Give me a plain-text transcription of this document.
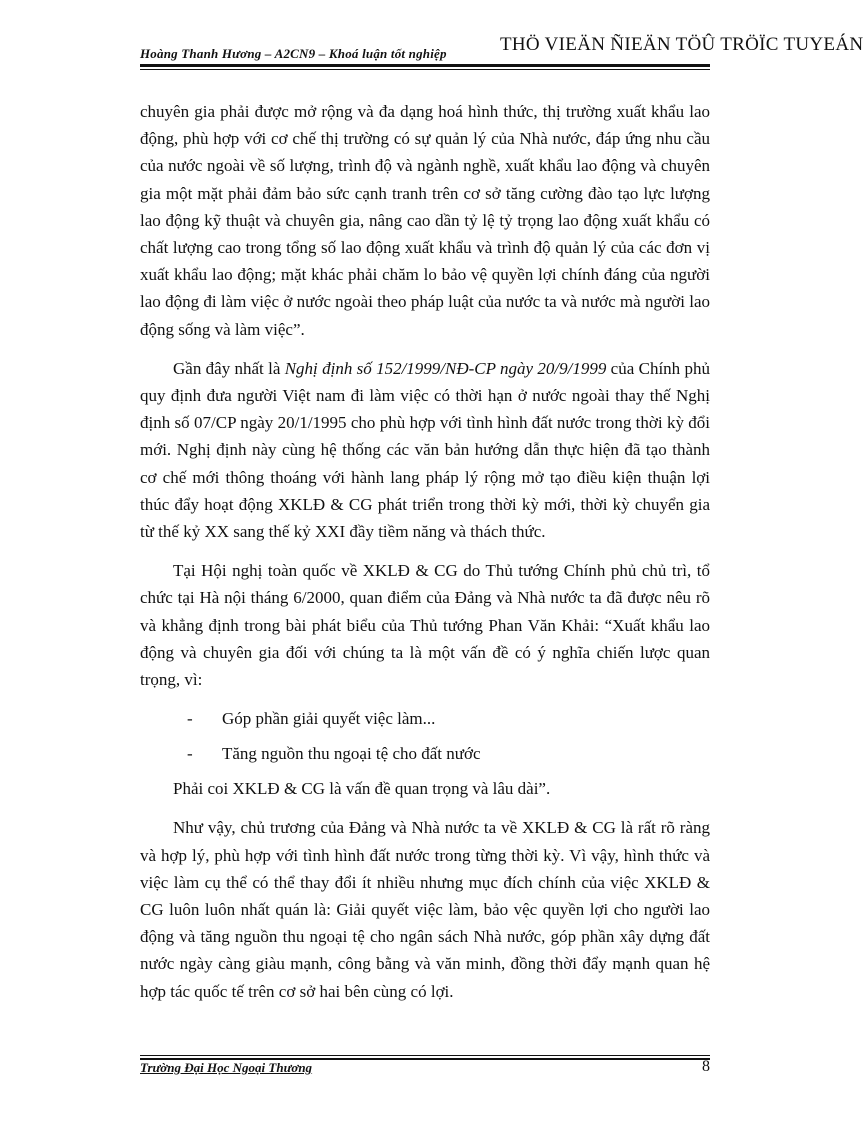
Hoàng Thanh Hương – A2CN9 – Khoá luận tốt nghiệp	THÖ VIEÄN ÑIEÄN TÖÛ TRÖÏC TUYEÁN

chuyên gia phải được mở rộng và đa dạng hoá hình thức, thị trường xuất khẩu lao động, phù hợp với cơ chế thị trường có sự quản lý của Nhà nước, đáp ứng nhu cầu của nước ngoài về số lượng, trình độ và ngành nghề, xuất khẩu lao động và chuyên gia một mặt phải đảm bảo sức cạnh tranh trên cơ sở tăng cường đào tạo lực lượng lao động kỹ thuật và chuyên gia, nâng cao dần tỷ lệ tỷ trọng lao động xuất khẩu có chất lượng cao trong tổng số lao động xuất khẩu và trình độ quản lý của các đơn vị xuất khẩu lao động; mặt khác phải chăm lo bảo vệ quyền lợi chính đáng của người lao động đi làm việc ở nước ngoài theo pháp luật của nước ta và nước mà người lao động sống và làm việc”.

Gần đây nhất là Nghị định số 152/1999/NĐ-CP ngày 20/9/1999 của Chính phủ quy định đưa người Việt nam đi làm việc có thời hạn ở nước ngoài thay thế Nghị định số 07/CP ngày 20/1/1995 cho phù hợp với tình hình đất nước trong thời kỳ đổi mới. Nghị định này cùng hệ thống các văn bản hướng dẫn thực hiện đã tạo thành cơ chế mới thông thoáng với hành lang pháp lý rộng mở tạo điều kiện thuận lợi thúc đẩy hoạt động XKLĐ & CG phát triển trong thời kỳ mới, thời kỳ chuyển gia từ thế kỷ XX sang thế kỷ XXI đầy tiềm năng và thách thức.

Tại Hội nghị toàn quốc về XKLĐ & CG do Thủ tướng Chính phủ chủ trì, tổ chức tại Hà nội tháng 6/2000, quan điểm của Đảng và Nhà nước ta đã được nêu rõ và khẳng định trong bài phát biểu của Thủ tướng Phan Văn Khải: “Xuất khẩu lao động và chuyên gia đối với chúng ta là một vấn đề có ý nghĩa chiến lược quan trọng, vì:

- Góp phần giải quyết việc làm...
- Tăng nguồn thu ngoại tệ cho đất nước

Phải coi XKLĐ & CG là vấn đề quan trọng và lâu dài”.

Như vậy, chủ trương của Đảng và Nhà nước ta về XKLĐ & CG là rất rõ ràng và hợp lý, phù hợp với tình hình đất nước trong từng thời kỳ. Vì vậy, hình thức và việc làm cụ thể có thể thay đổi ít nhiều nhưng mục đích chính của việc XKLĐ & CG luôn luôn nhất quán là: Giải quyết việc làm, bảo vệc quyền lợi cho người lao động và tăng nguồn thu ngoại tệ cho ngân sách Nhà nước, góp phần xây dựng đất nước ngày càng giàu mạnh, công bằng và văn minh, đồng thời đẩy mạnh quan hệ hợp tác quốc tế trên cơ sở hai bên cùng có lợi.

Trường Đại Học Ngoại Thương	8
